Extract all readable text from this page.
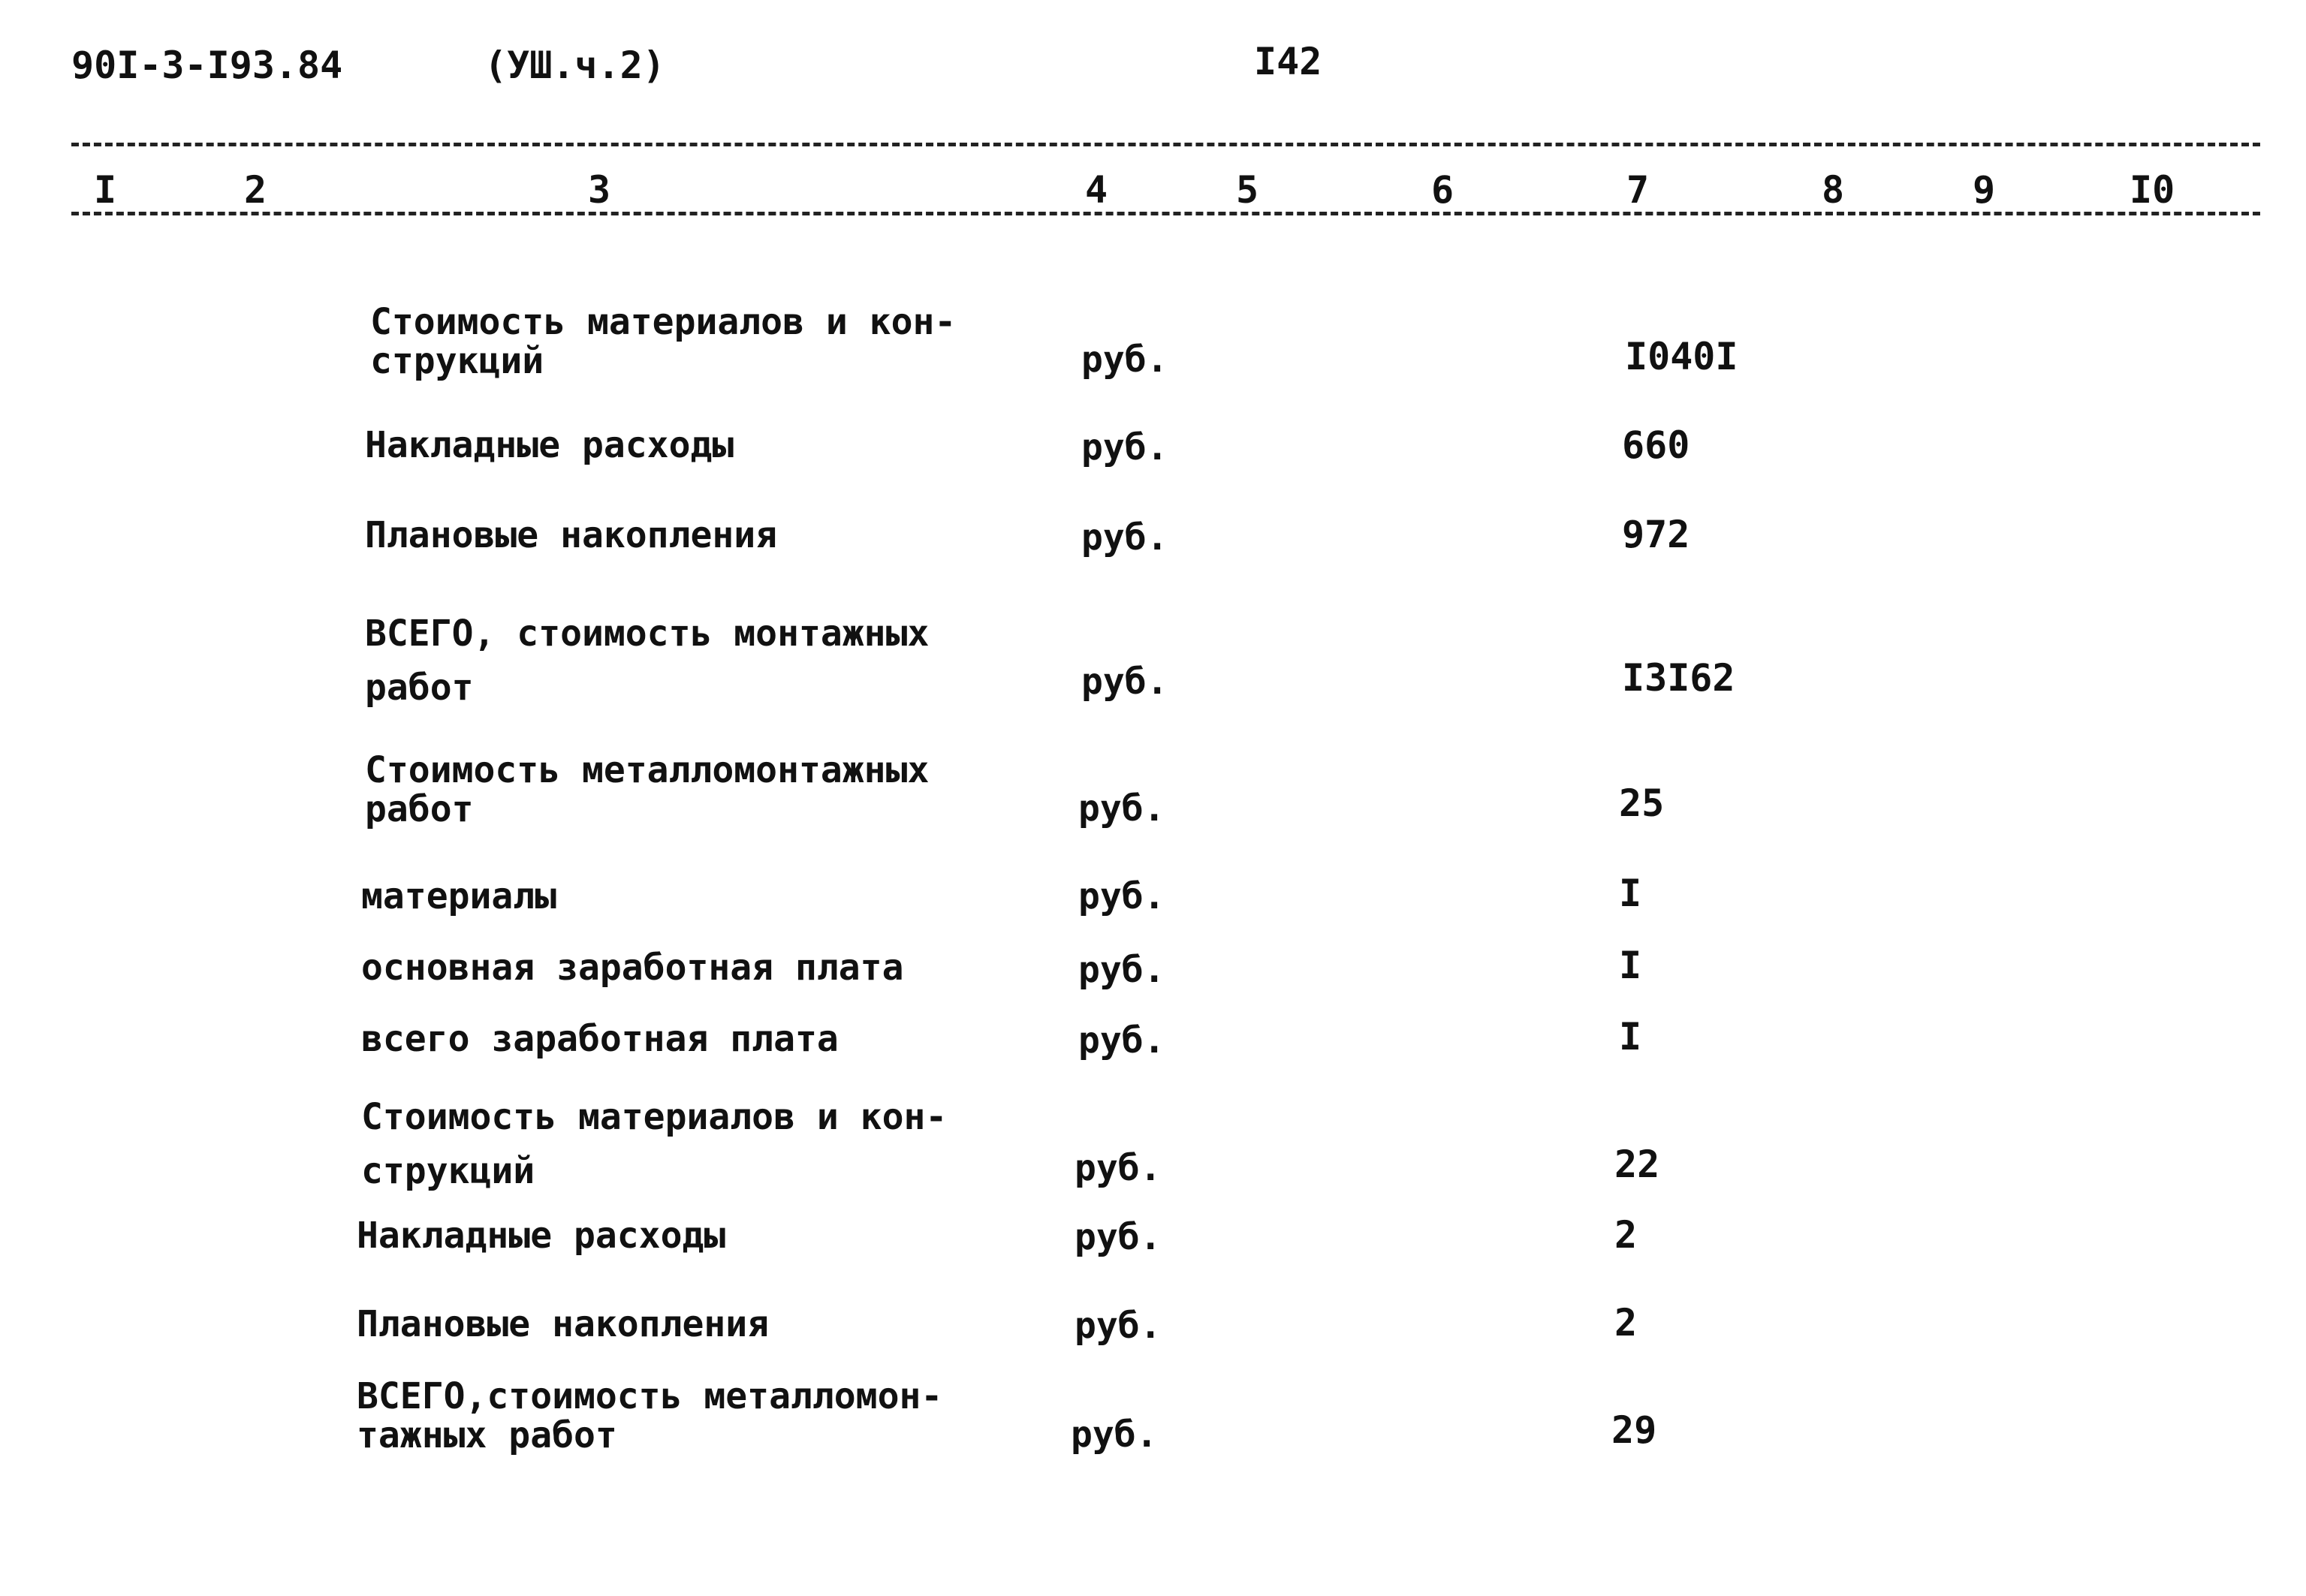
90I-3-I93.84	(УШ.ч.2)	I42
I	2	3	4	5	6	7	8	9	I0
Стоимость материалов и кон-
струкций	руб.	I040I
Накладные расходы	руб.	660
Плановые накопления	руб.	972
ВСЕГО, стоимость монтажных
работ	руб.	I3I62
Стоимость металломонтажных
работ	руб.	25
материалы	руб.	I
основная заработная плата	руб.	I
всего заработная плата	руб.	I
Стоимость материалов и кон-
струкций	руб.	22
Накладные расходы	руб.	2
Плановые накопления	руб.	2
ВСЕГО,стоимость металломон-
тажных работ	руб.	29
